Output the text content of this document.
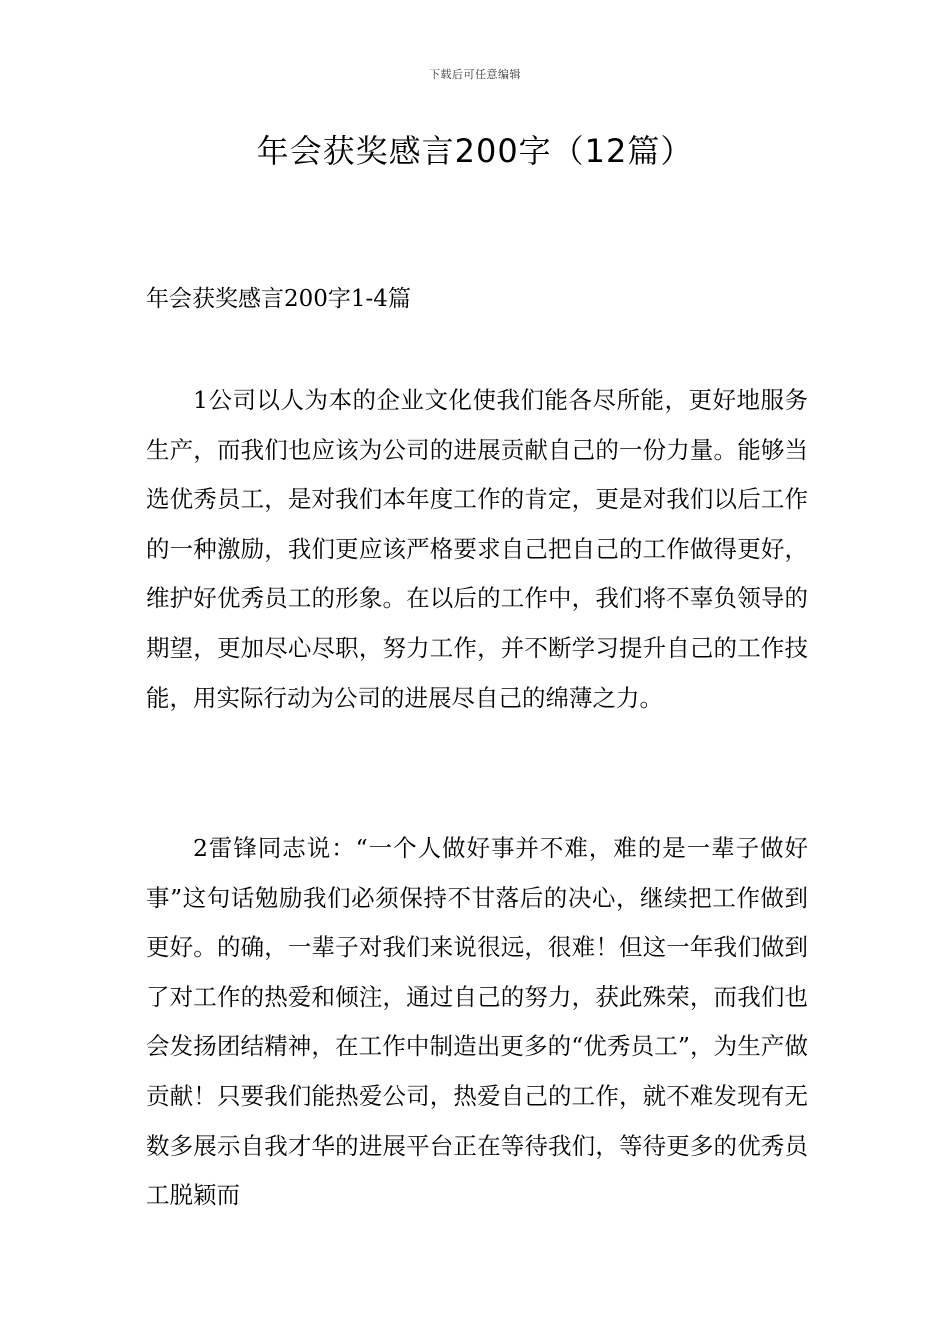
下载后可任意编辑
年会获奖感言200字（12篇）
年会获奖感言200字1-4篇

1公司以人为本的企业文化使我们能各尽所能，更好地服务生产，而我们也应该为公司的进展贡献自己的一份力量。能够当选优秀员工，是对我们本年度工作的肯定，更是对我们以后工作的一种激励，我们更应该严格要求自己把自己的工作做得更好，维护好优秀员工的形象。在以后的工作中，我们将不辜负领导的期望，更加尽心尽职，努力工作，并不断学习提升自己的工作技能，用实际行动为公司的进展尽自己的绵薄之力。

2雷锋同志说：“一个人做好事并不难，难的是一辈子做好事”这句话勉励我们必须保持不甘落后的决心，继续把工作做到更好。的确，一辈子对我们来说很远，很难！但这一年我们做到了对工作的热爱和倾注，通过自己的努力，获此殊荣，而我们也会发扬团结精神，在工作中制造出更多的“优秀员工”，为生产做贡献！只要我们能热爱公司，热爱自己的工作，就不难发现有无数多展示自我才华的进展平台正在等待我们，等待更多的优秀员工脱颖而
